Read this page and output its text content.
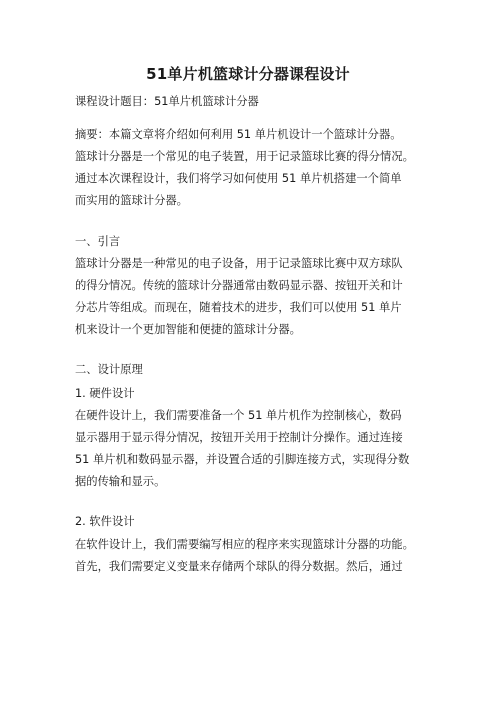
51单片机篮球计分器课程设计
课程设计题目：51单片机篮球计分器
摘要：本篇文章将介绍如何利用 51 单片机设计一个篮球计分器。
篮球计分器是一个常见的电子装置，用于记录篮球比赛的得分情况。
通过本次课程设计，我们将学习如何使用 51 单片机搭建一个简单
而实用的篮球计分器。
一、引言
篮球计分器是一种常见的电子设备，用于记录篮球比赛中双方球队
的得分情况。传统的篮球计分器通常由数码显示器、按钮开关和计
分芯片等组成。而现在，随着技术的进步，我们可以使用 51 单片
机来设计一个更加智能和便捷的篮球计分器。
二、设计原理
1. 硬件设计
在硬件设计上，我们需要准备一个 51 单片机作为控制核心，数码
显示器用于显示得分情况，按钮开关用于控制计分操作。通过连接
51 单片机和数码显示器，并设置合适的引脚连接方式，实现得分数
据的传输和显示。
2. 软件设计
在软件设计上，我们需要编写相应的程序来实现篮球计分器的功能。
首先，我们需要定义变量来存储两个球队的得分数据。然后，通过
